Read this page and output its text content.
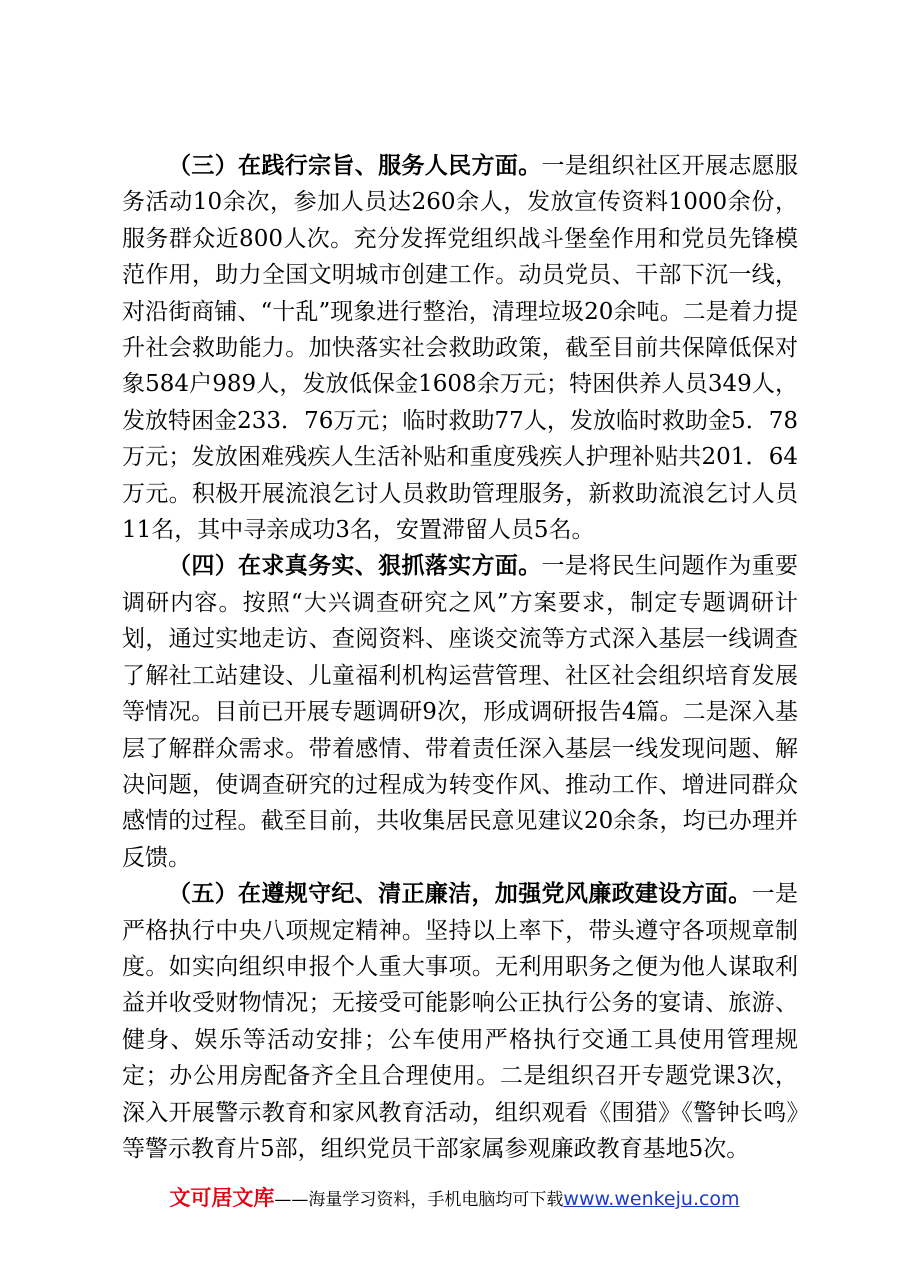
（三）在践行宗旨、服务人民方面。一是组织社区开展志愿服务活动10余次，参加人员达260余人，发放宣传资料1000余份，服务群众近800人次。充分发挥党组织战斗堡垒作用和党员先锋模范作用，助力全国文明城市创建工作。动员党员、干部下沉一线，对沿街商铺、“十乱”现象进行整治，清理垃圾20余吨。二是着力提升社会救助能力。加快落实社会救助政策，截至目前共保障低保对象584户989人，发放低保金1608余万元；特困供养人员349人，发放特困金233．76万元；临时救助77人，发放临时救助金5．78万元；发放困难残疾人生活补贴和重度残疾人护理补贴共201．64万元。积极开展流浪乞讨人员救助管理服务，新救助流浪乞讨人员11名，其中寻亲成功3名，安置滞留人员5名。

（四）在求真务实、狠抓落实方面。一是将民生问题作为重要调研内容。按照“大兴调查研究之风”方案要求，制定专题调研计划，通过实地走访、查阅资料、座谈交流等方式深入基层一线调查了解社工站建设、儿童福利机构运营管理、社区社会组织培育发展等情况。目前已开展专题调研9次，形成调研报告4篇。二是深入基层了解群众需求。带着感情、带着责任深入基层一线发现问题、解决问题，使调查研究的过程成为转变作风、推动工作、增进同群众感情的过程。截至目前，共收集居民意见建议20余条，均已办理并反馈。

（五）在遵规守纪、清正廉洁，加强党风廉政建设方面。一是严格执行中央八项规定精神。坚持以上率下，带头遵守各项规章制度。如实向组织申报个人重大事项。无利用职务之便为他人谋取利益并收受财物情况；无接受可能影响公正执行公务的宴请、旅游、健身、娱乐等活动安排；公车使用严格执行交通工具使用管理规定；办公用房配备齐全且合理使用。二是组织召开专题党课3次，深入开展警示教育和家风教育活动，组织观看《围猎》《警钟长鸣》等警示教育片5部，组织党员干部家属参观廉政教育基地5次。

文可居文库——海量学习资料，手机电脑均可下载www.wenkeju.com
